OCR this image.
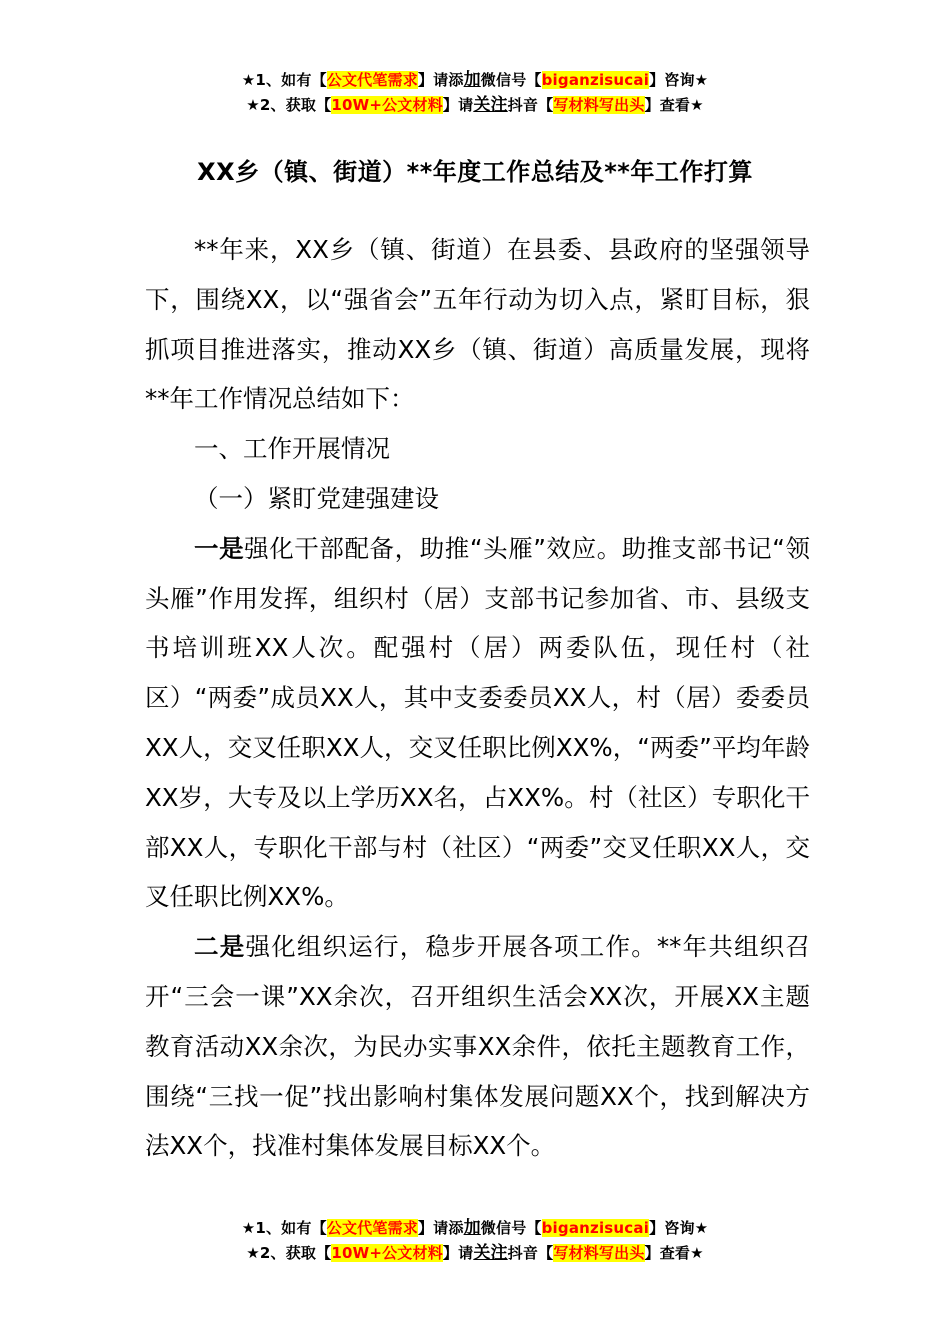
★1、如有【公文代笔需求】请添加微信号【biganzisucai】咨询★
★2、获取【10W+公文材料】请关注抖音【写材料写出头】查看★
XX乡（镇、街道）**年度工作总结及**年工作打算

**年来，XX乡（镇、街道）在县委、县政府的坚强领导下，围绕XX，以“强省会”五年行动为切入点，紧盯目标，狠抓项目推进落实，推动XX乡（镇、街道）高质量发展，现将**年工作情况总结如下：

一、工作开展情况

（一）紧盯党建强建设

一是强化干部配备，助推“头雁”效应。助推支部书记“领头雁”作用发挥，组织村（居）支部书记参加省、市、县级支书培训班XX人次。配强村（居）两委队伍，现任村（社区）“两委”成员XX人，其中支委委员XX人，村（居）委委员XX人，交叉任职XX人，交叉任职比例XX%，“两委”平均年龄XX岁，大专及以上学历XX名，占XX%。村（社区）专职化干部XX人，专职化干部与村（社区）“两委”交叉任职XX人，交叉任职比例XX%。

二是强化组织运行，稳步开展各项工作。**年共组织召开“三会一课”XX余次，召开组织生活会XX次，开展XX主题教育活动XX余次，为民办实事XX余件，依托主题教育工作，围绕“三找一促”找出影响村集体发展问题XX个，找到解决方法XX个，找准村集体发展目标XX个。

★1、如有【公文代笔需求】请添加微信号【biganzisucai】咨询★
★2、获取【10W+公文材料】请关注抖音【写材料写出头】查看★
